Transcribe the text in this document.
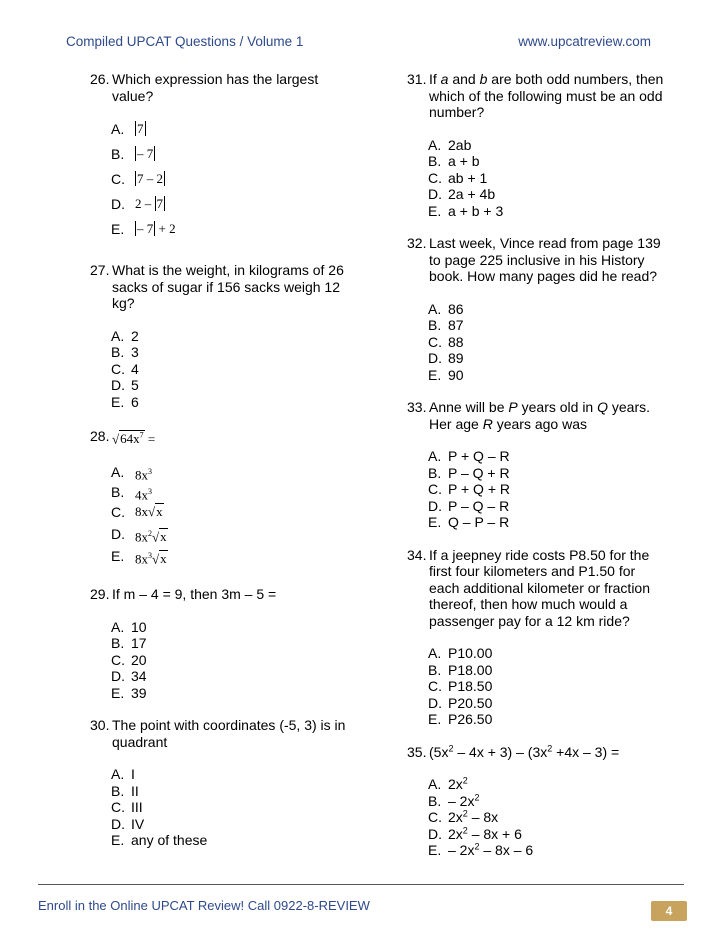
Compiled UPCAT Questions / Volume 1	www.upcatreview.com
26. Which expression has the largest value?
A. 7
B. – 7
C. 7 – 2
D. 2 – 7
E. – 7 + 2
27. What is the weight, in kilograms of 26 sacks of sugar if 156 sacks weigh 12 kg?
A. 2
B. 3
C. 4
D. 5
E. 6
28. $√64x^7$ =
A. $8x^3$
B. $4x^3$
C. 8x√x
D. $8x^2√x$
E. $8x^3√x$
29. If m – 4 = 9, then 3m – 5 =
A. 10
B. 17
C. 20
D. 34
E. 39
30. The point with coordinates (-5, 3) is in quadrant
A. I
B. II
C. III
D. IV
E. any of these
31. If a and b are both odd numbers, then which of the following must be an odd number?
A. 2ab
B. a + b
C. ab + 1
D. 2a + 4b
E. a + b + 3
32. Last week, Vince read from page 139 to page 225 inclusive in his History book. How many pages did he read?
A. 86
B. 87
C. 88
D. 89
E. 90
33. Anne will be P years old in Q years. Her age R years ago was
A. P + Q – R
B. P – Q + R
C. P + Q + R
D. P – Q – R
E. Q – P – R
34. If a jeepney ride costs P8.50 for the first four kilometers and P1.50 for each additional kilometer or fraction thereof, then how much would a passenger pay for a 12 km ride?
A. P10.00
B. P18.00
C. P18.50
D. P20.50
E. P26.50
35. $(5x^2 - 4x + 3) - (3x^2 +4x - 3)$ =
A. $2x^2$
B. – $2x^2$
C. $2x^2 - 8x$
D. $2x^2 - 8x + 6$
E. – $2x^2 - 8x - 6$
Enroll in the Online UPCAT Review! Call 0922-8-REVIEW	4
